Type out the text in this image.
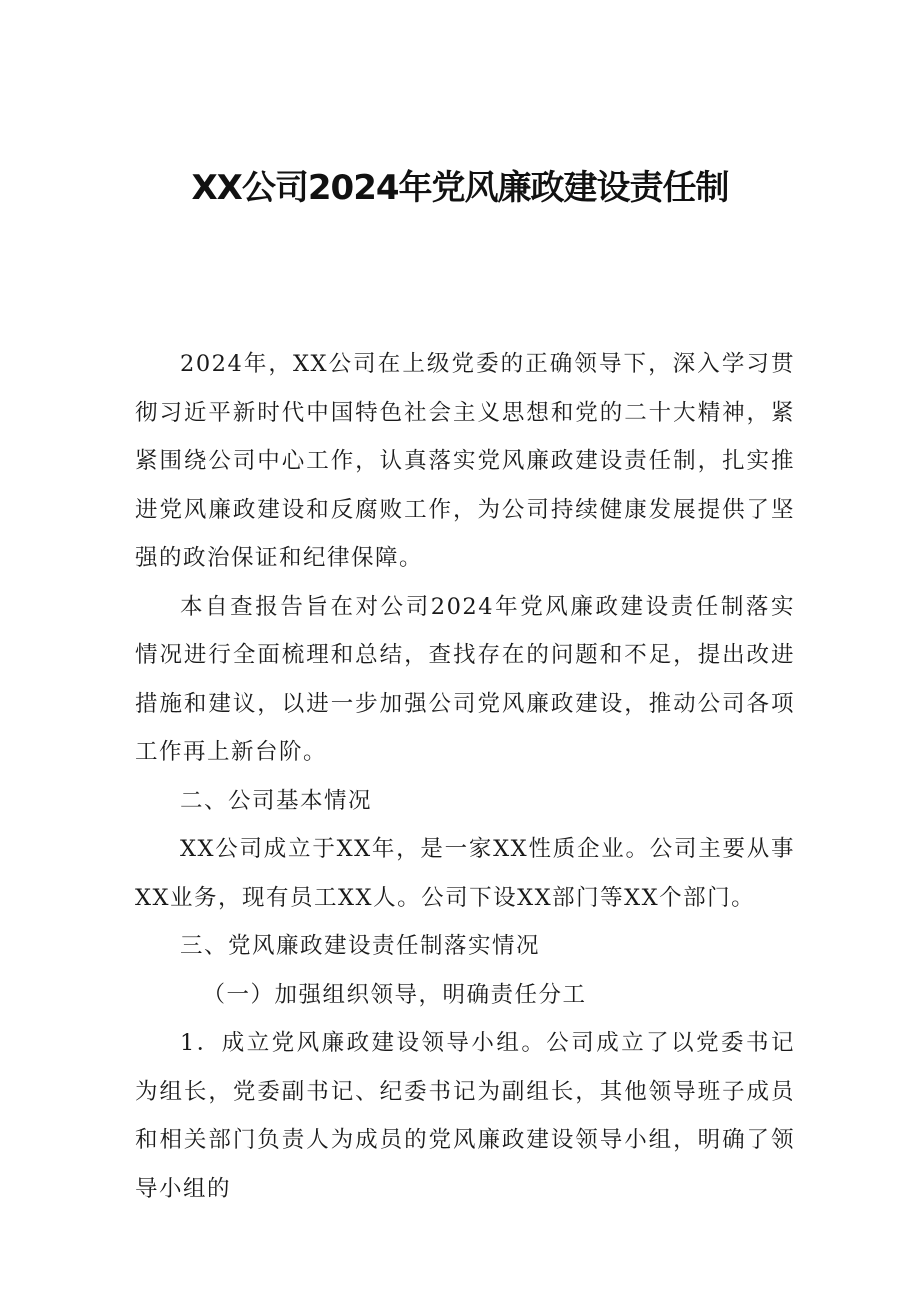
XX公司2024年党风廉政建设责任制

2024年，XX公司在上级党委的正确领导下，深入学习贯彻习近平新时代中国特色社会主义思想和党的二十大精神，紧紧围绕公司中心工作，认真落实党风廉政建设责任制，扎实推进党风廉政建设和反腐败工作，为公司持续健康发展提供了坚强的政治保证和纪律保障。

本自查报告旨在对公司2024年党风廉政建设责任制落实情况进行全面梳理和总结，查找存在的问题和不足，提出改进措施和建议，以进一步加强公司党风廉政建设，推动公司各项工作再上新台阶。

二、公司基本情况

XX公司成立于XX年，是一家XX性质企业。公司主要从事XX业务，现有员工XX人。公司下设XX部门等XX个部门。

三、党风廉政建设责任制落实情况

（一）加强组织领导，明确责任分工

1．成立党风廉政建设领导小组。公司成立了以党委书记为组长，党委副书记、纪委书记为副组长，其他领导班子成员和相关部门负责人为成员的党风廉政建设领导小组，明确了领导小组的
